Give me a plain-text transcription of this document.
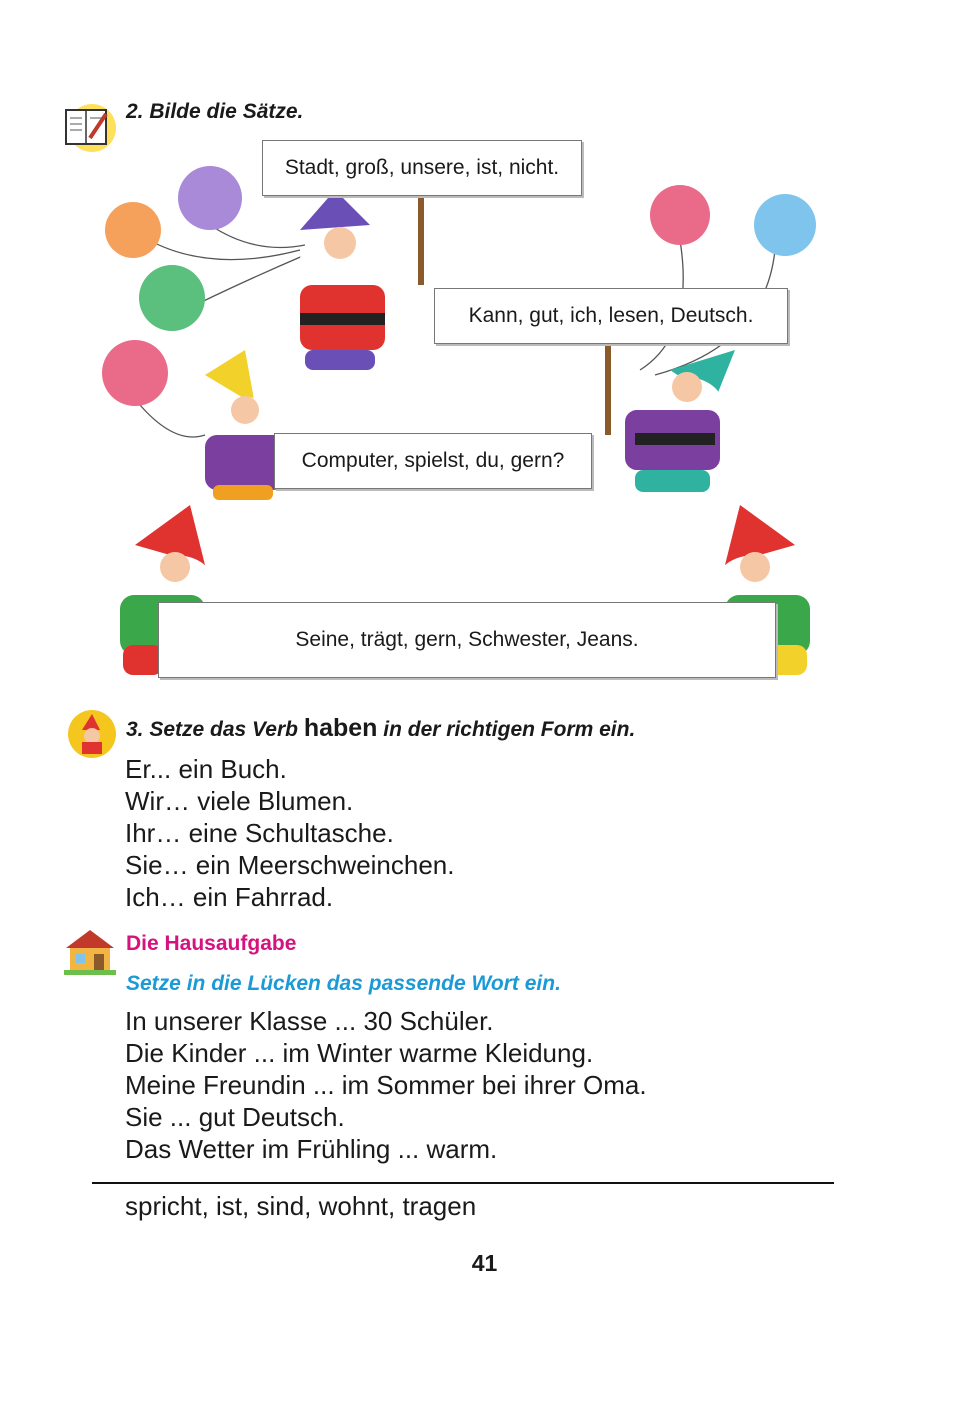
2. Bilde die Sätze.
Stadt, groß, unsere, ist, nicht.
Kann, gut, ich, lesen, Deutsch.
Computer, spielst, du, gern?
Seine, trägt, gern, Schwester, Jeans.
3. Setze das Verb haben in der richtigen Form ein.
Er... ein Buch.
Wir… viele Blumen.
Ihr… eine Schultasche.
Sie… ein Meerschweinchen.
Ich… ein Fahrrad.
Die Hausaufgabe
Setze in die Lücken das passende Wort ein.
In unserer Klasse ... 30 Schüler.
Die Kinder ... im Winter warme Kleidung.
Meine Freundin ... im Sommer bei ihrer Oma.
Sie ... gut Deutsch.
Das Wetter im Frühling ... warm.
spricht, ist, sind, wohnt, tragen
41
